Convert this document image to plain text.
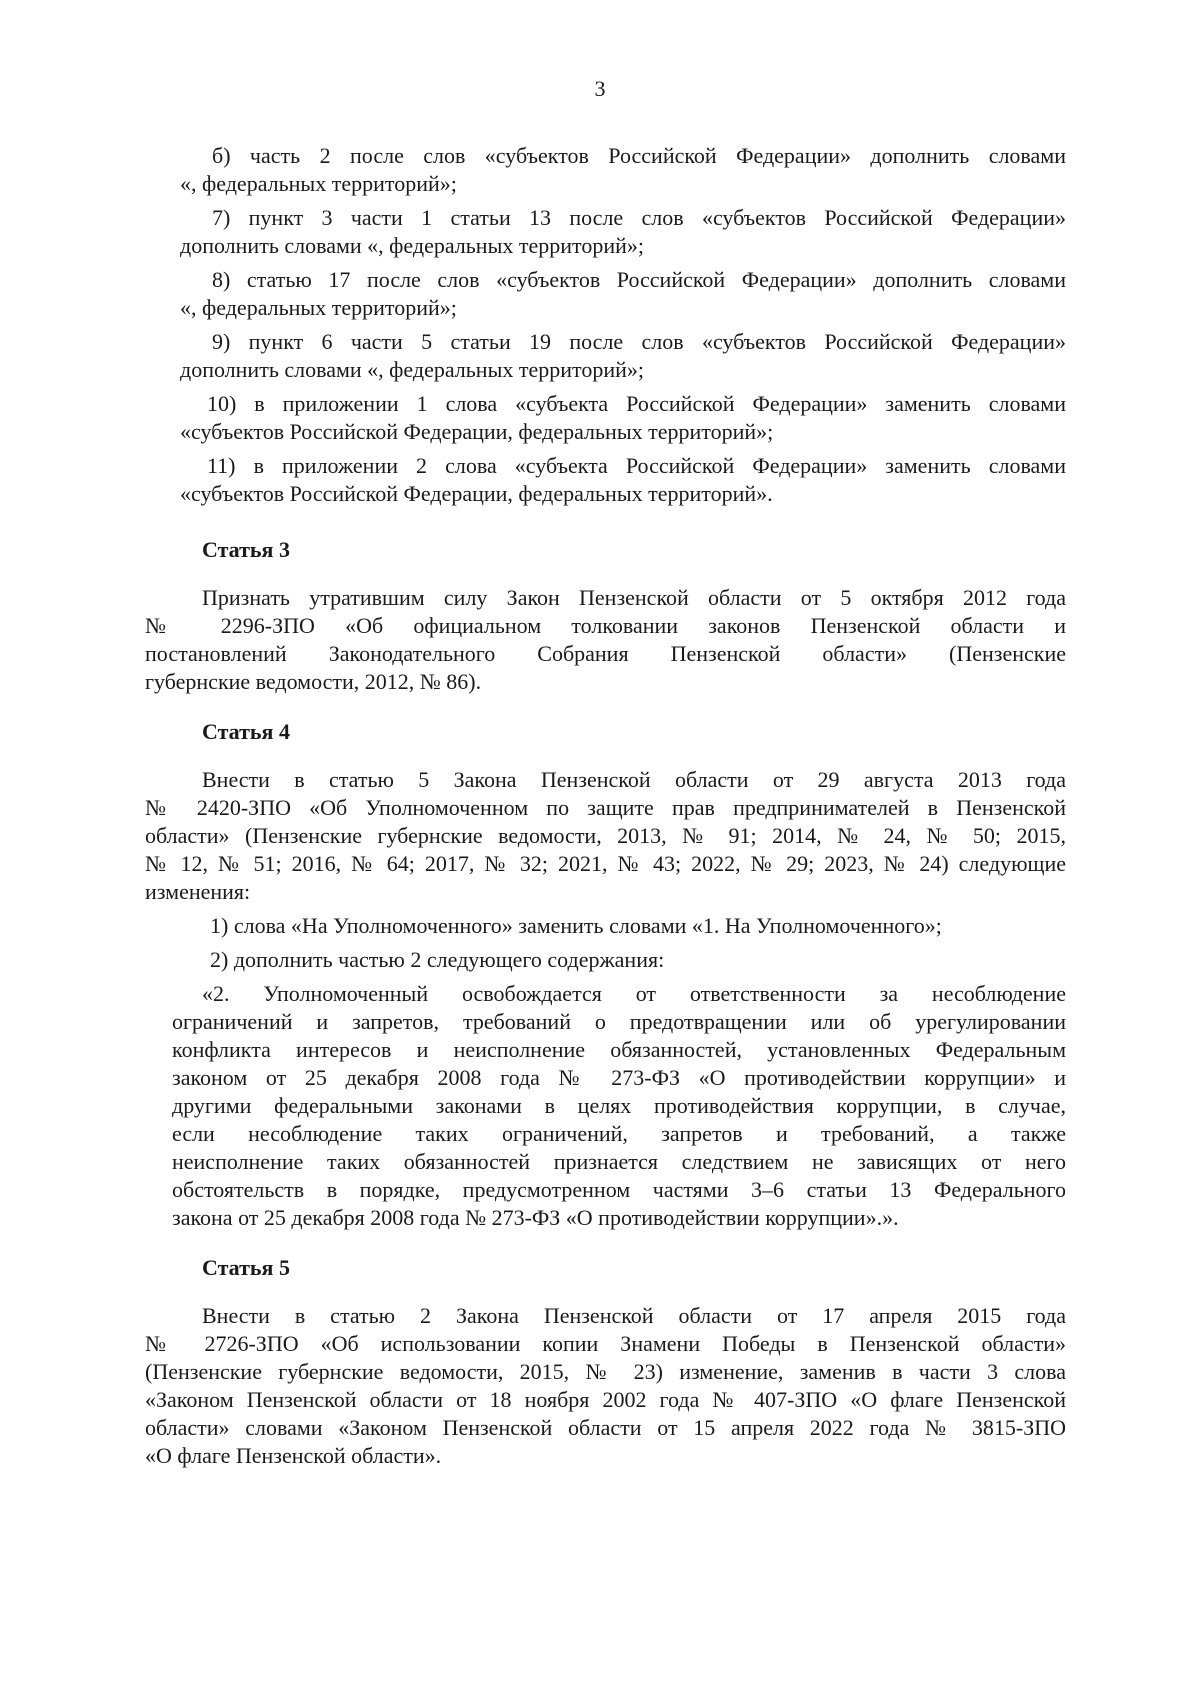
3

б) часть 2 после слов «субъектов Российской Федерации» дополнить словами

«, федеральных территорий»;

7) пункт 3 части 1 статьи 13 после слов «субъектов Российской Федерации»

дополнить словами «, федеральных территорий»;

8) статью 17 после слов «субъектов Российской Федерации» дополнить словами

«, федеральных территорий»;

9) пункт 6 части 5 статьи 19 после слов «субъектов Российской Федерации»

дополнить словами «, федеральных территорий»;

10) в приложении 1 слова «субъекта Российской Федерации» заменить словами

«субъектов Российской Федерации, федеральных территорий»;

11) в приложении 2 слова «субъекта Российской Федерации» заменить словами

«субъектов Российской Федерации, федеральных территорий».

Статья 3

Признать утратившим силу Закон Пензенской области от 5 октября 2012 года

№ 2296-ЗПО «Об официальном толковании законов Пензенской области и

постановлений Законодательного Собрания Пензенской области» (Пензенские

губернские ведомости, 2012, № 86).

Статья 4

Внести в статью 5 Закона Пензенской области от 29 августа 2013 года

№ 2420-ЗПО «Об Уполномоченном по защите прав предпринимателей в Пензенской

области» (Пензенские губернские ведомости, 2013, № 91; 2014, № 24, № 50; 2015,

№ 12, № 51; 2016, № 64; 2017, № 32; 2021, № 43; 2022, № 29; 2023, № 24) следующие

изменения:

1) слова «На Уполномоченного» заменить словами «1. На Уполномоченного»;

2) дополнить частью 2 следующего содержания:

«2. Уполномоченный освобождается от ответственности за несоблюдение

ограничений и запретов, требований о предотвращении или об урегулировании

конфликта интересов и неисполнение обязанностей, установленных Федеральным

законом от 25 декабря 2008 года № 273-ФЗ «О противодействии коррупции» и

другими федеральными законами в целях противодействия коррупции, в случае,

если несоблюдение таких ограничений, запретов и требований, а также

неисполнение таких обязанностей признается следствием не зависящих от него

обстоятельств в порядке, предусмотренном частями 3–6 статьи 13 Федерального

закона от 25 декабря 2008 года № 273-ФЗ «О противодействии коррупции».».

Статья 5

Внести в статью 2 Закона Пензенской области от 17 апреля 2015 года

№ 2726-ЗПО «Об использовании копии Знамени Победы в Пензенской области»

(Пензенские губернские ведомости, 2015, № 23) изменение, заменив в части 3 слова

«Законом Пензенской области от 18 ноября 2002 года № 407-ЗПО «О флаге Пензенской

области» словами «Законом Пензенской области от 15 апреля 2022 года № 3815-ЗПО

«О флаге Пензенской области».
